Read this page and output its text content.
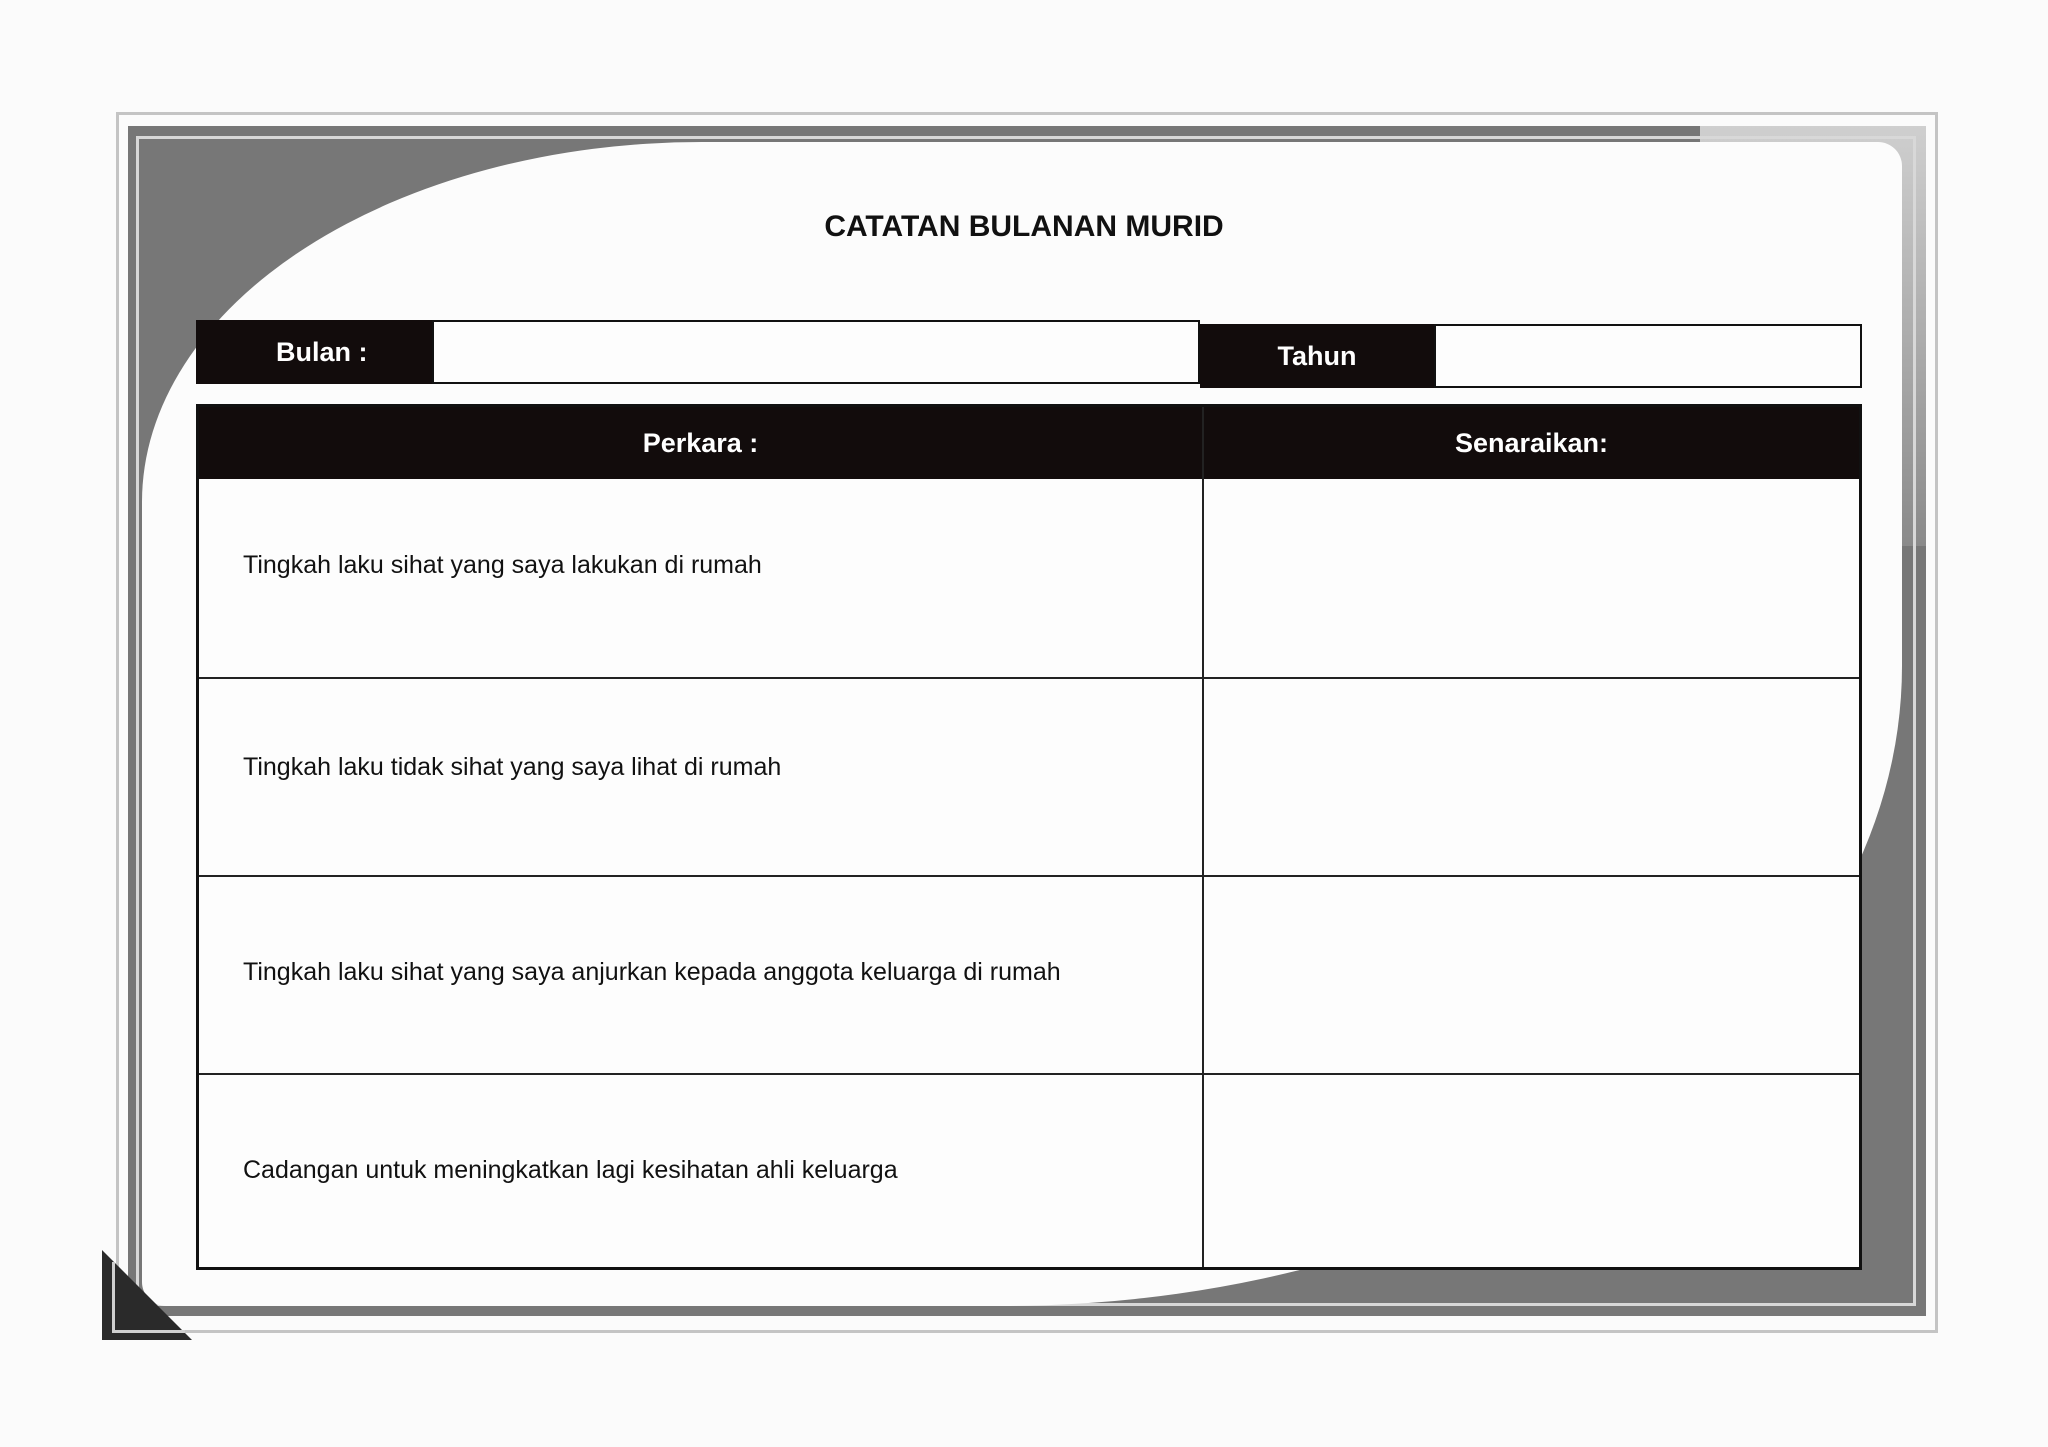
CATATAN BULANAN MURID
Bulan :	Tahun
Perkara :	Senaraikan:
Tingkah laku sihat yang saya lakukan di rumah
Tingkah laku tidak sihat yang saya lihat di rumah
Tingkah laku sihat yang saya anjurkan kepada anggota keluarga di rumah
Cadangan untuk meningkatkan lagi kesihatan ahli keluarga
